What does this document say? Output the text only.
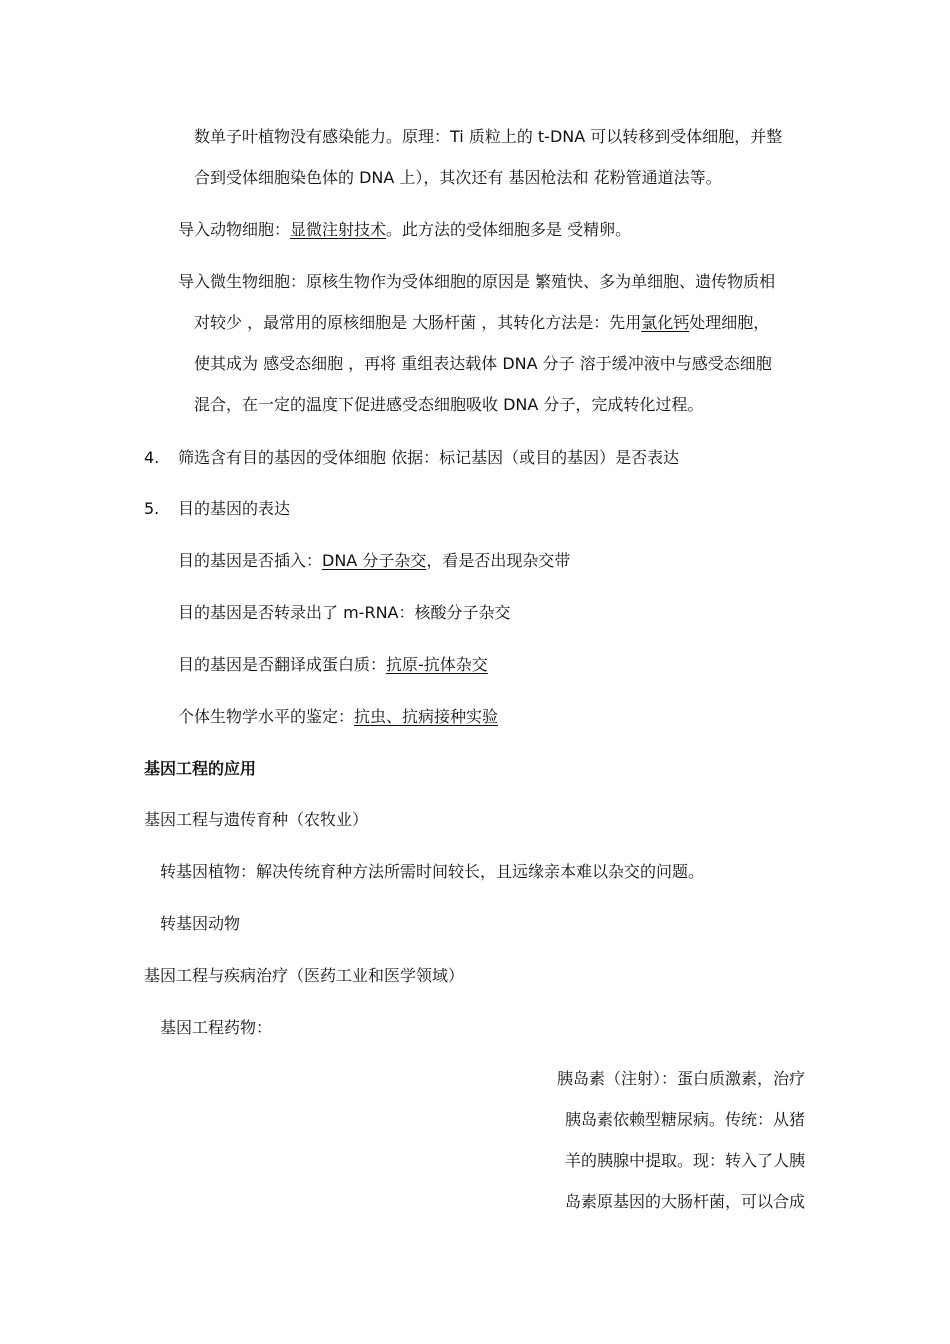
数单子叶植物没有感染能力。原理：Ti 质粒上的 t-DNA 可以转移到受体细胞，并整
合到受体细胞染色体的 DNA 上），其次还有 基因枪法和 花粉管通道法等。
导入动物细胞：显微注射技术。此方法的受体细胞多是 受精卵。
导入微生物细胞：原核生物作为受体细胞的原因是 繁殖快、多为单细胞、遗传物质相
对较少 ，最常用的原核细胞是 大肠杆菌 ，其转化方法是：先用氯化钙处理细胞，
使其成为 感受态细胞 ，再将 重组表达载体 DNA 分子 溶于缓冲液中与感受态细胞
混合，在一定的温度下促进感受态细胞吸收 DNA 分子，完成转化过程。
4. 筛选含有目的基因的受体细胞 依据：标记基因（或目的基因）是否表达
5. 目的基因的表达
目的基因是否插入：DNA 分子杂交，看是否出现杂交带
目的基因是否转录出了 m-RNA：核酸分子杂交
目的基因是否翻译成蛋白质：抗原-抗体杂交
个体生物学水平的鉴定：抗虫、抗病接种实验
基因工程的应用
基因工程与遗传育种（农牧业）
转基因植物：解决传统育种方法所需时间较长，且远缘亲本难以杂交的问题。
转基因动物
基因工程与疾病治疗（医药工业和医学领域）
基因工程药物：
胰岛素（注射）：蛋白质激素，治疗
胰岛素依赖型糖尿病。传统：从猪
羊的胰腺中提取。现：转入了人胰
岛素原基因的大肠杆菌，可以合成
